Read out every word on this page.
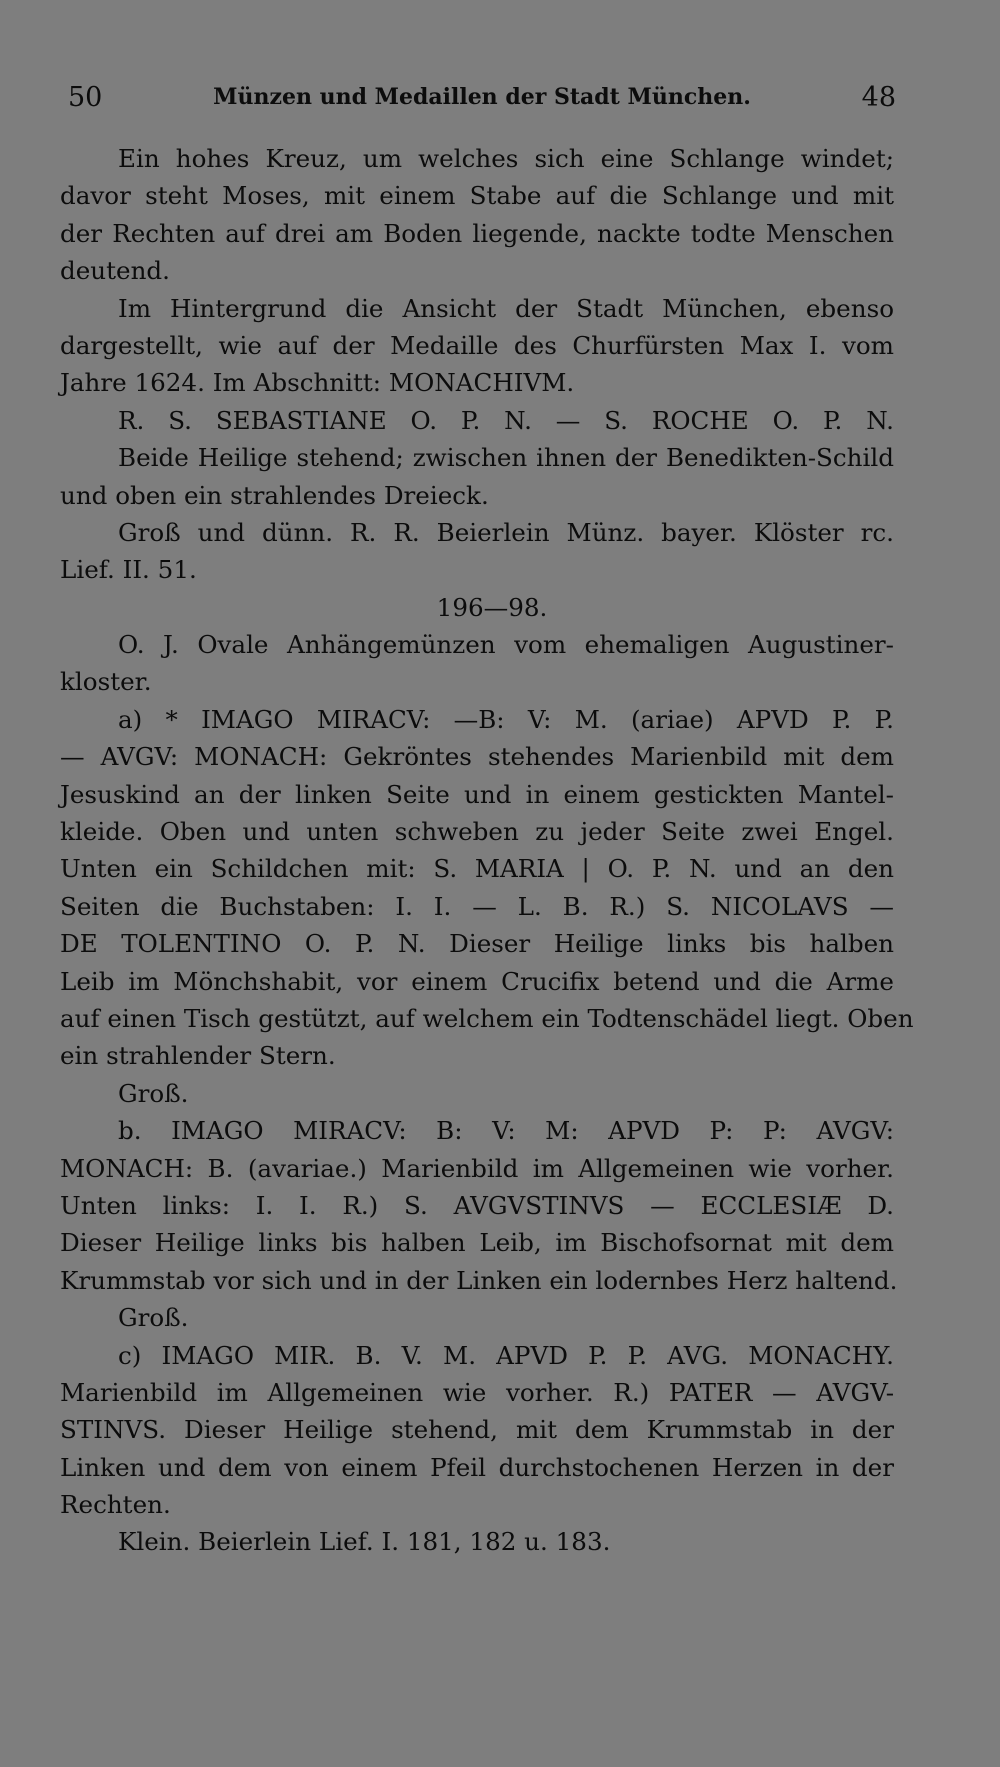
50	Münzen und Medaillen der Stadt München.	48
Ein hohes Kreuz, um welches sich eine Schlange windet;
davor steht Moses, mit einem Stabe auf die Schlange und mit
der Rechten auf drei am Boden liegende, nackte todte Menschen
deutend.
Im Hintergrund die Ansicht der Stadt München, ebenso
dargestellt, wie auf der Medaille des Churfürsten Max I. vom
Jahre 1624. Im Abschnitt: MONACHIVM.
R. S. SEBASTIANE O. P. N. — S. ROCHE O. P. N.
Beide Heilige stehend; zwischen ihnen der Benedikten-Schild
und oben ein strahlendes Dreieck.
Groß und dünn. R. R. Beierlein Münz. bayer. Klöster rc.
Lief. II. 51.
196—98.
O. J. Ovale Anhängemünzen vom ehemaligen Augustiner-
kloster.
a) * IMAGO MIRACV: —B: V: M. (ariae) APVD P. P.
— AVGV: MONACH: Gekröntes stehendes Marienbild mit dem
Jesuskind an der linken Seite und in einem gestickten Mantel-
kleide. Oben und unten schweben zu jeder Seite zwei Engel.
Unten ein Schildchen mit: S. MARIA | O. P. N. und an den
Seiten die Buchstaben: I. I. — L. B. R.) S. NICOLAVS —
DE TOLENTINO O. P. N. Dieser Heilige links bis halben
Leib im Mönchshabit, vor einem Crucifix betend und die Arme
auf einen Tisch gestützt, auf welchem ein Todtenschädel liegt. Oben
ein strahlender Stern.
Groß.
b. IMAGO MIRACV: B: V: M: APVD P: P: AVGV:
MONACH: B. (avariae.) Marienbild im Allgemeinen wie vorher.
Unten links: I. I. R.) S. AVGVSTINVS — ECCLESIÆ D.
Dieser Heilige links bis halben Leib, im Bischofsornat mit dem
Krummstab vor sich und in der Linken ein lodernbes Herz haltend.
Groß.
c) IMAGO MIR. B. V. M. APVD P. P. AVG. MONACHY.
Marienbild im Allgemeinen wie vorher. R.) PATER — AVGV-
STINVS. Dieser Heilige stehend, mit dem Krummstab in der
Linken und dem von einem Pfeil durchstochenen Herzen in der
Rechten.
Klein. Beierlein Lief. I. 181, 182 u. 183.
